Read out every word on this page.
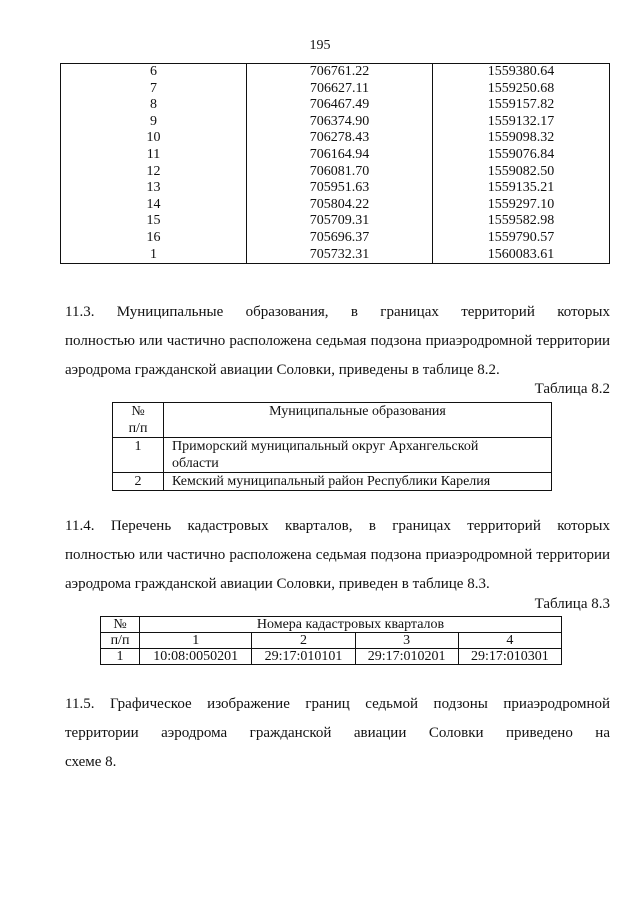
195
6	706761.22	1559380.64
7	706627.11	1559250.68
8	706467.49	1559157.82
9	706374.90	1559132.17
10	706278.43	1559098.32
11	706164.94	1559076.84
12	706081.70	1559082.50
13	705951.63	1559135.21
14	705804.22	1559297.10
15	705709.31	1559582.98
16	705696.37	1559790.57
1	705732.31	1560083.61
11.3. Муниципальные образования, в границах территорий которых
полностью или частично расположена седьмая подзона приаэродромной территории
аэродрома гражданской авиации Соловки, приведены в таблице 8.2.
Таблица 8.2
№
п/п	Муниципальные образования
1	Приморский муниципальный округ Архангельской
области

2	Кемский муниципальный район Республики Карелия
11.4. Перечень кадастровых кварталов, в границах территорий которых
полностью или частично расположена седьмая подзона приаэродромной территории
аэродрома гражданской авиации Соловки, приведен в таблице 8.3.
Таблица 8.3
№	Номера кадастровых кварталов			
п/п	1	2	3	4
1	10:08:0050201	29:17:010101	29:17:010201	29:17:010301
11.5. Графическое изображение границ седьмой подзоны приаэродромной
территории аэродрома гражданской авиации Соловки приведено на
схеме 8.
